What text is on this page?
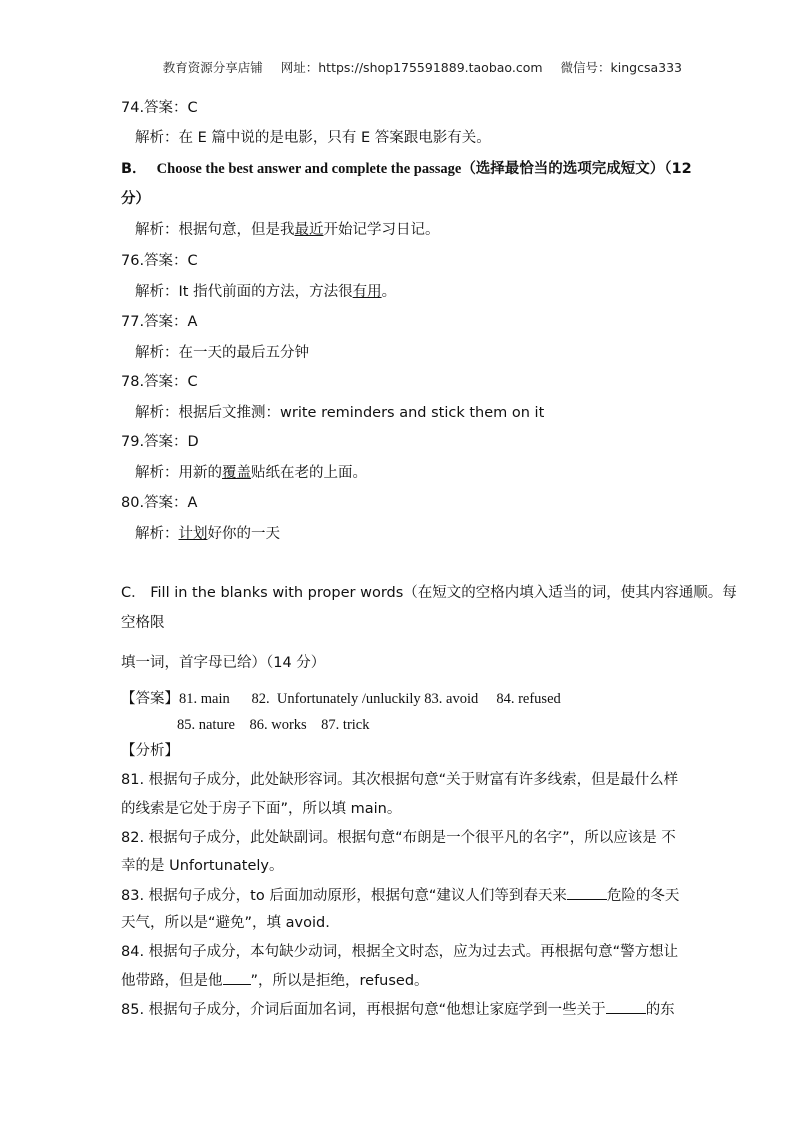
教育资源分享店铺 网址：https://shop175591889.taobao.com 微信号：kingcsa333
74.答案：C
解析：在 E 篇中说的是电影，只有 E 答案跟电影有关。
B． Choose the best answer and complete the passage（选择最恰当的选项完成短文）（12
分）
解析：根据句意，但是我最近开始记学习日记。
76.答案：C
解析：It 指代前面的方法，方法很有用。
77.答案：A
解析：在一天的最后五分钟
78.答案：C
解析：根据后文推测：write reminders and stick them on it
79.答案：D
解析：用新的覆盖贴纸在老的上面。
80.答案：A
解析：计划好你的一天
C． Fill in the blanks with proper words（在短文的空格内填入适当的词，使其内容通顺。每
空格限
填一词，首字母已给）（14 分）
【答案】81. main      82.  Unfortunately /unluckily 83. avoid     84. refused
85. nature    86. works    87. trick
【分析】
81. 根据句子成分，此处缺形容词。其次根据句意“关于财富有许多线索，但是最什么样
的线索是它处于房子下面”，所以填 main。
82. 根据句子成分，此处缺副词。根据句意“布朗是一个很平凡的名字”，所以应该是 不
幸的是 Unfortunately。
83. 根据句子成分，to 后面加动原形，根据句意“建议人们等到春天来	危险的冬天
天气，所以是“避免”，填 avoid.
84. 根据句子成分，本句缺少动词，根据全文时态，应为过去式。再根据句意“警方想让
他带路，但是他 ”，所以是拒绝，refused。
85. 根据句子成分，介词后面加名词，再根据句意“他想让家庭学到一些关于	的东
